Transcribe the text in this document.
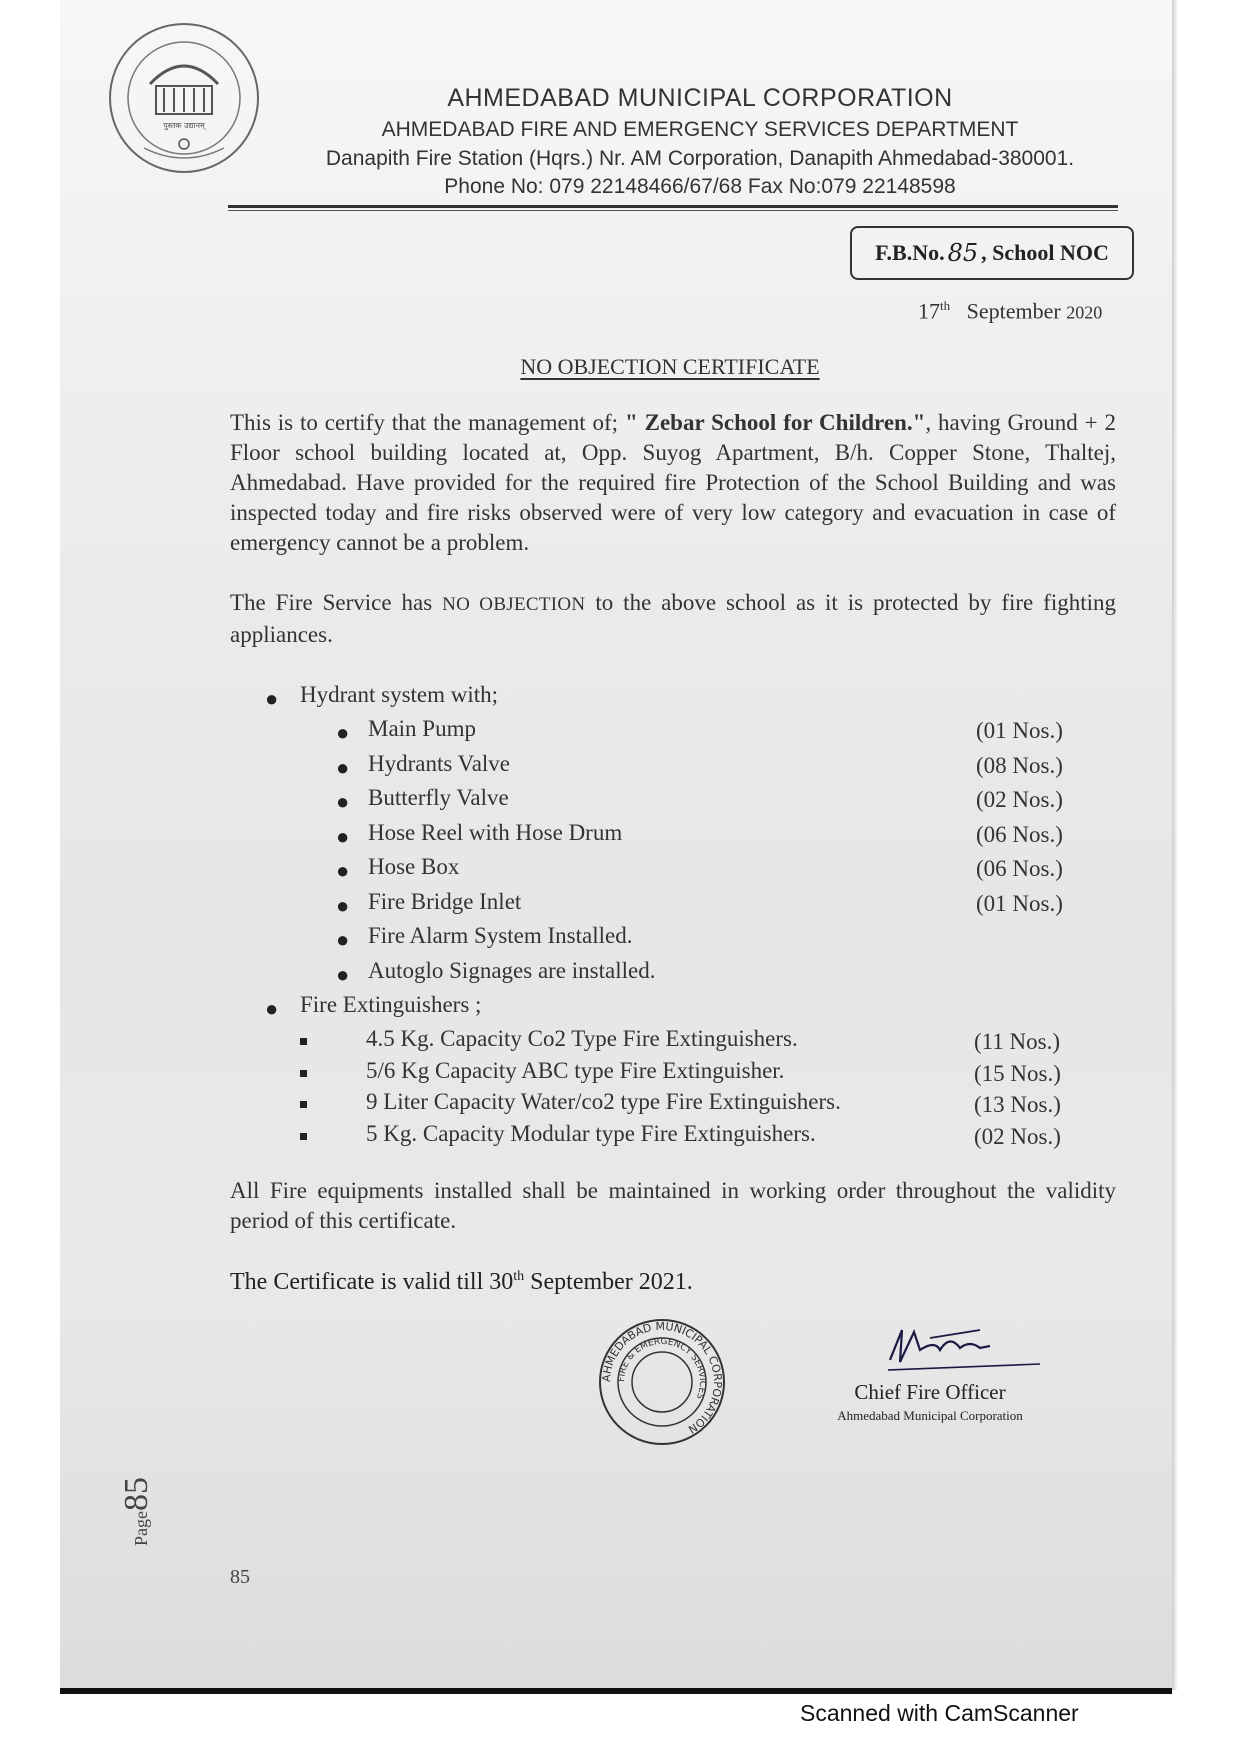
पुस्तक उद्यानम्
AHMEDABAD MUNICIPAL CORPORATION
AHMEDABAD FIRE AND EMERGENCY SERVICES DEPARTMENT
Danapith Fire Station (Hqrs.) Nr. AM Corporation, Danapith Ahmedabad-380001.
Phone No: 079 22148466/67/68 Fax No:079 22148598
F.B.No. 85 , School NOC
17th September 2020
NO OBJECTION CERTIFICATE
This is to certify that the management of; " Zebar School for Children.", having Ground + 2 Floor school building located at, Opp. Suyog Apartment, B/h. Copper Stone, Thaltej, Ahmedabad. Have provided for the required fire Protection of the School Building and was inspected today and fire risks observed were of very low category and evacuation in case of emergency cannot be a problem.
The Fire Service has NO OBJECTION to the above school as it is protected by fire fighting appliances.
● Hydrant system with;
● Main Pump	(01 Nos.)
● Hydrants Valve	(08 Nos.)
● Butterfly Valve	(02 Nos.)
● Hose Reel with Hose Drum	(06 Nos.)
● Hose Box	(06 Nos.)
● Fire Bridge Inlet	(01 Nos.)
● Fire Alarm System Installed.
● Autoglo Signages are installed.
● Fire Extinguishers ;
4.5 Kg. Capacity Co2 Type Fire Extinguishers.	(11 Nos.)
5/6 Kg Capacity ABC type Fire Extinguisher.	(15 Nos.)
9 Liter Capacity Water/co2 type Fire Extinguishers.	(13 Nos.)
5 Kg. Capacity Modular type Fire Extinguishers.	(02 Nos.)
All Fire equipments installed shall be maintained in working order throughout the validity period of this certificate.
The Certificate is valid till 30th September 2021.
AHMEDABAD MUNICIPAL CORPORATION
FIRE & EMERGENCY SERVICES	Chief Fire Officer
Ahmedabad Municipal Corporation
Page85
85
Scanned with CamScanner
